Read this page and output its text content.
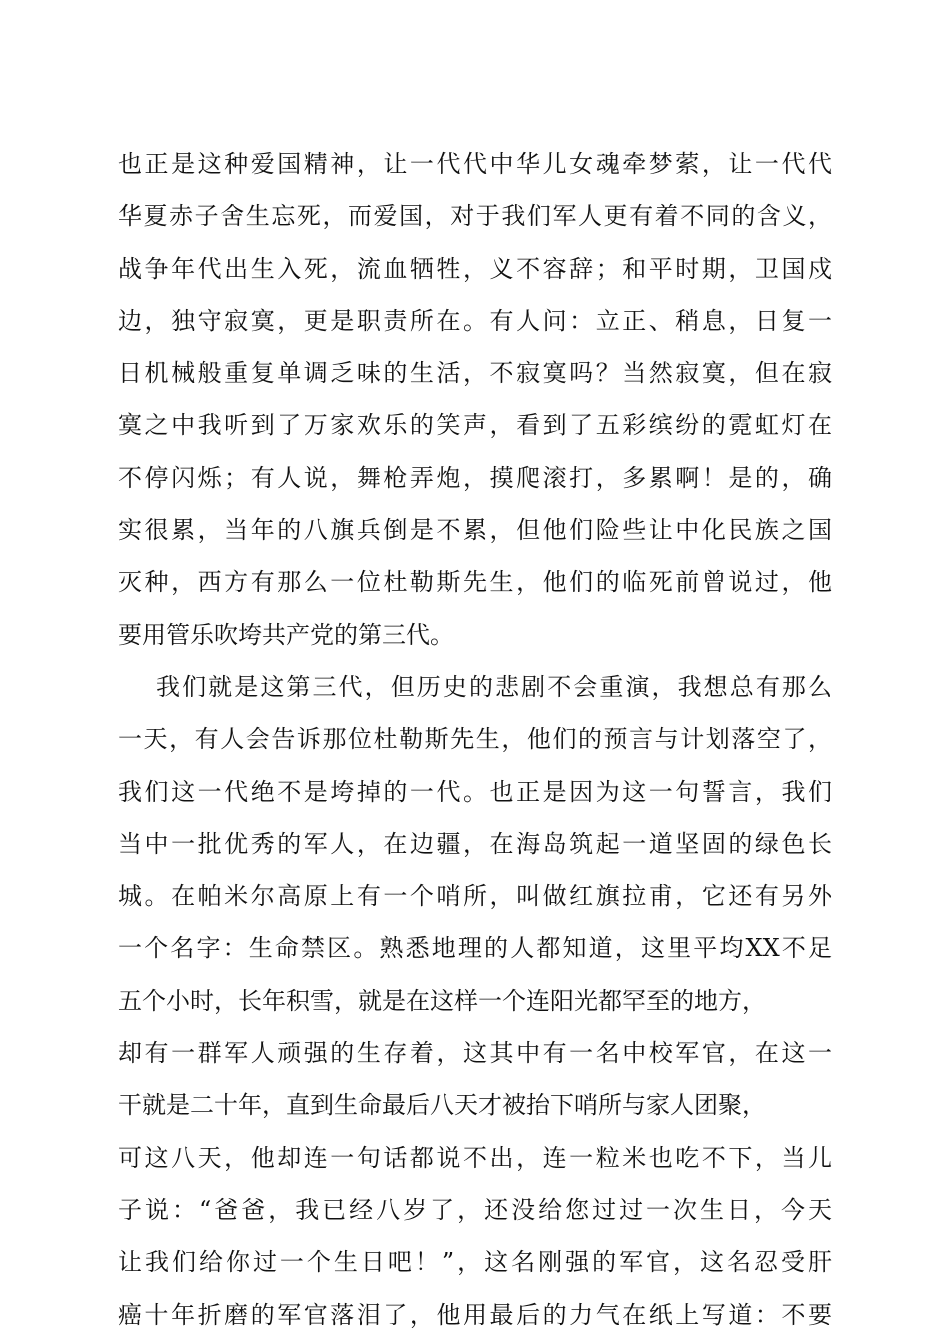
也正是这种爱国精神，让一代代中华儿女魂牵梦萦，让一代代
华夏赤子舍生忘死，而爱国，对于我们军人更有着不同的含义，
战争年代出生入死，流血牺牲，义不容辞；和平时期，卫国戍
边，独守寂寞，更是职责所在。有人问：立正、稍息，日复一
日机械般重复单调乏味的生活，不寂寞吗？当然寂寞，但在寂
寞之中我听到了万家欢乐的笑声，看到了五彩缤纷的霓虹灯在
不停闪烁；有人说，舞枪弄炮，摸爬滚打，多累啊！是的，确
实很累，当年的八旗兵倒是不累，但他们险些让中化民族之国
灭种，西方有那么一位杜勒斯先生，他们的临死前曾说过，他
要用管乐吹垮共产党的第三代。
我们就是这第三代，但历史的悲剧不会重演，我想总有那么
一天，有人会告诉那位杜勒斯先生，他们的预言与计划落空了，
我们这一代绝不是垮掉的一代。也正是因为这一句誓言，我们
当中一批优秀的军人，在边疆，在海岛筑起一道坚固的绿色长
城。在帕米尔高原上有一个哨所，叫做红旗拉甫，它还有另外
一个名字：生命禁区。熟悉地理的人都知道，这里平均XX不足
五个小时，长年积雪，就是在这样一个连阳光都罕至的地方，
却有一群军人顽强的生存着，这其中有一名中校军官，在这一
干就是二十年，直到生命最后八天才被抬下哨所与家人团聚，
可这八天，他却连一句话都说不出，连一粒米也吃不下，当儿
子说：“爸爸，我已经八岁了，还没给您过过一次生日，今天
让我们给你过一个生日吧！”，这名刚强的军官，这名忍受肝
癌十年折磨的军官落泪了，他用最后的力气在纸上写道：不要
